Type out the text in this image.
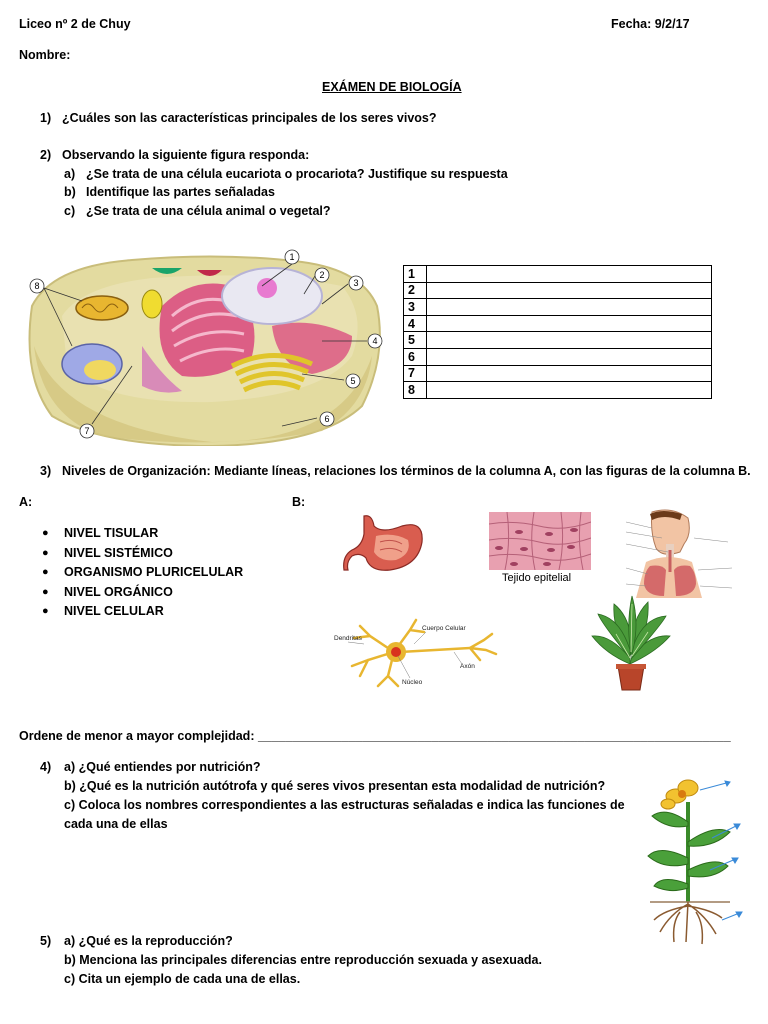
Liceo nº 2 de Chuy	Fecha: 9/2/17
Nombre:
EXÁMEN DE BIOLOGÍA
1) ¿Cuáles son las características principales de los seres vivos?
2) Observando la siguiente figura responda:
a) ¿Se trata de una célula eucariota o procariota? Justifique su respuesta
b) Identifique las partes señaladas
c) ¿Se trata de una célula animal o vegetal?
1
2
3
4
5
6
7
8
1	
2	
3	
4	
5	
6	
7	
8	
3) Niveles de Organización: Mediante líneas, relaciones los términos de la columna A, con las figuras de la columna B.
A:	B:
● NIVEL TISULAR
● NIVEL SISTÉMICO
● ORGANISMO PLURICELULAR
● NIVEL ORGÁNICO
● NIVEL CELULAR
Tejido epitelial
Dendritas
Cuerpo Celular
Axón
Núcleo
Ordene de menor a mayor complejidad: ____________________________________________________________________
4)	a) ¿Qué entiendes por nutrición?
b) ¿Qué es la nutrición autótrofa y qué seres vivos presentan esta modalidad de nutrición?
c) Coloca los nombres correspondientes a las estructuras señaladas e indica las funciones de
cada una de ellas
5)	a) ¿Qué es la reproducción?
b) Menciona las principales diferencias entre reproducción sexuada y asexuada.
c) Cita un ejemplo de cada una de ellas.
